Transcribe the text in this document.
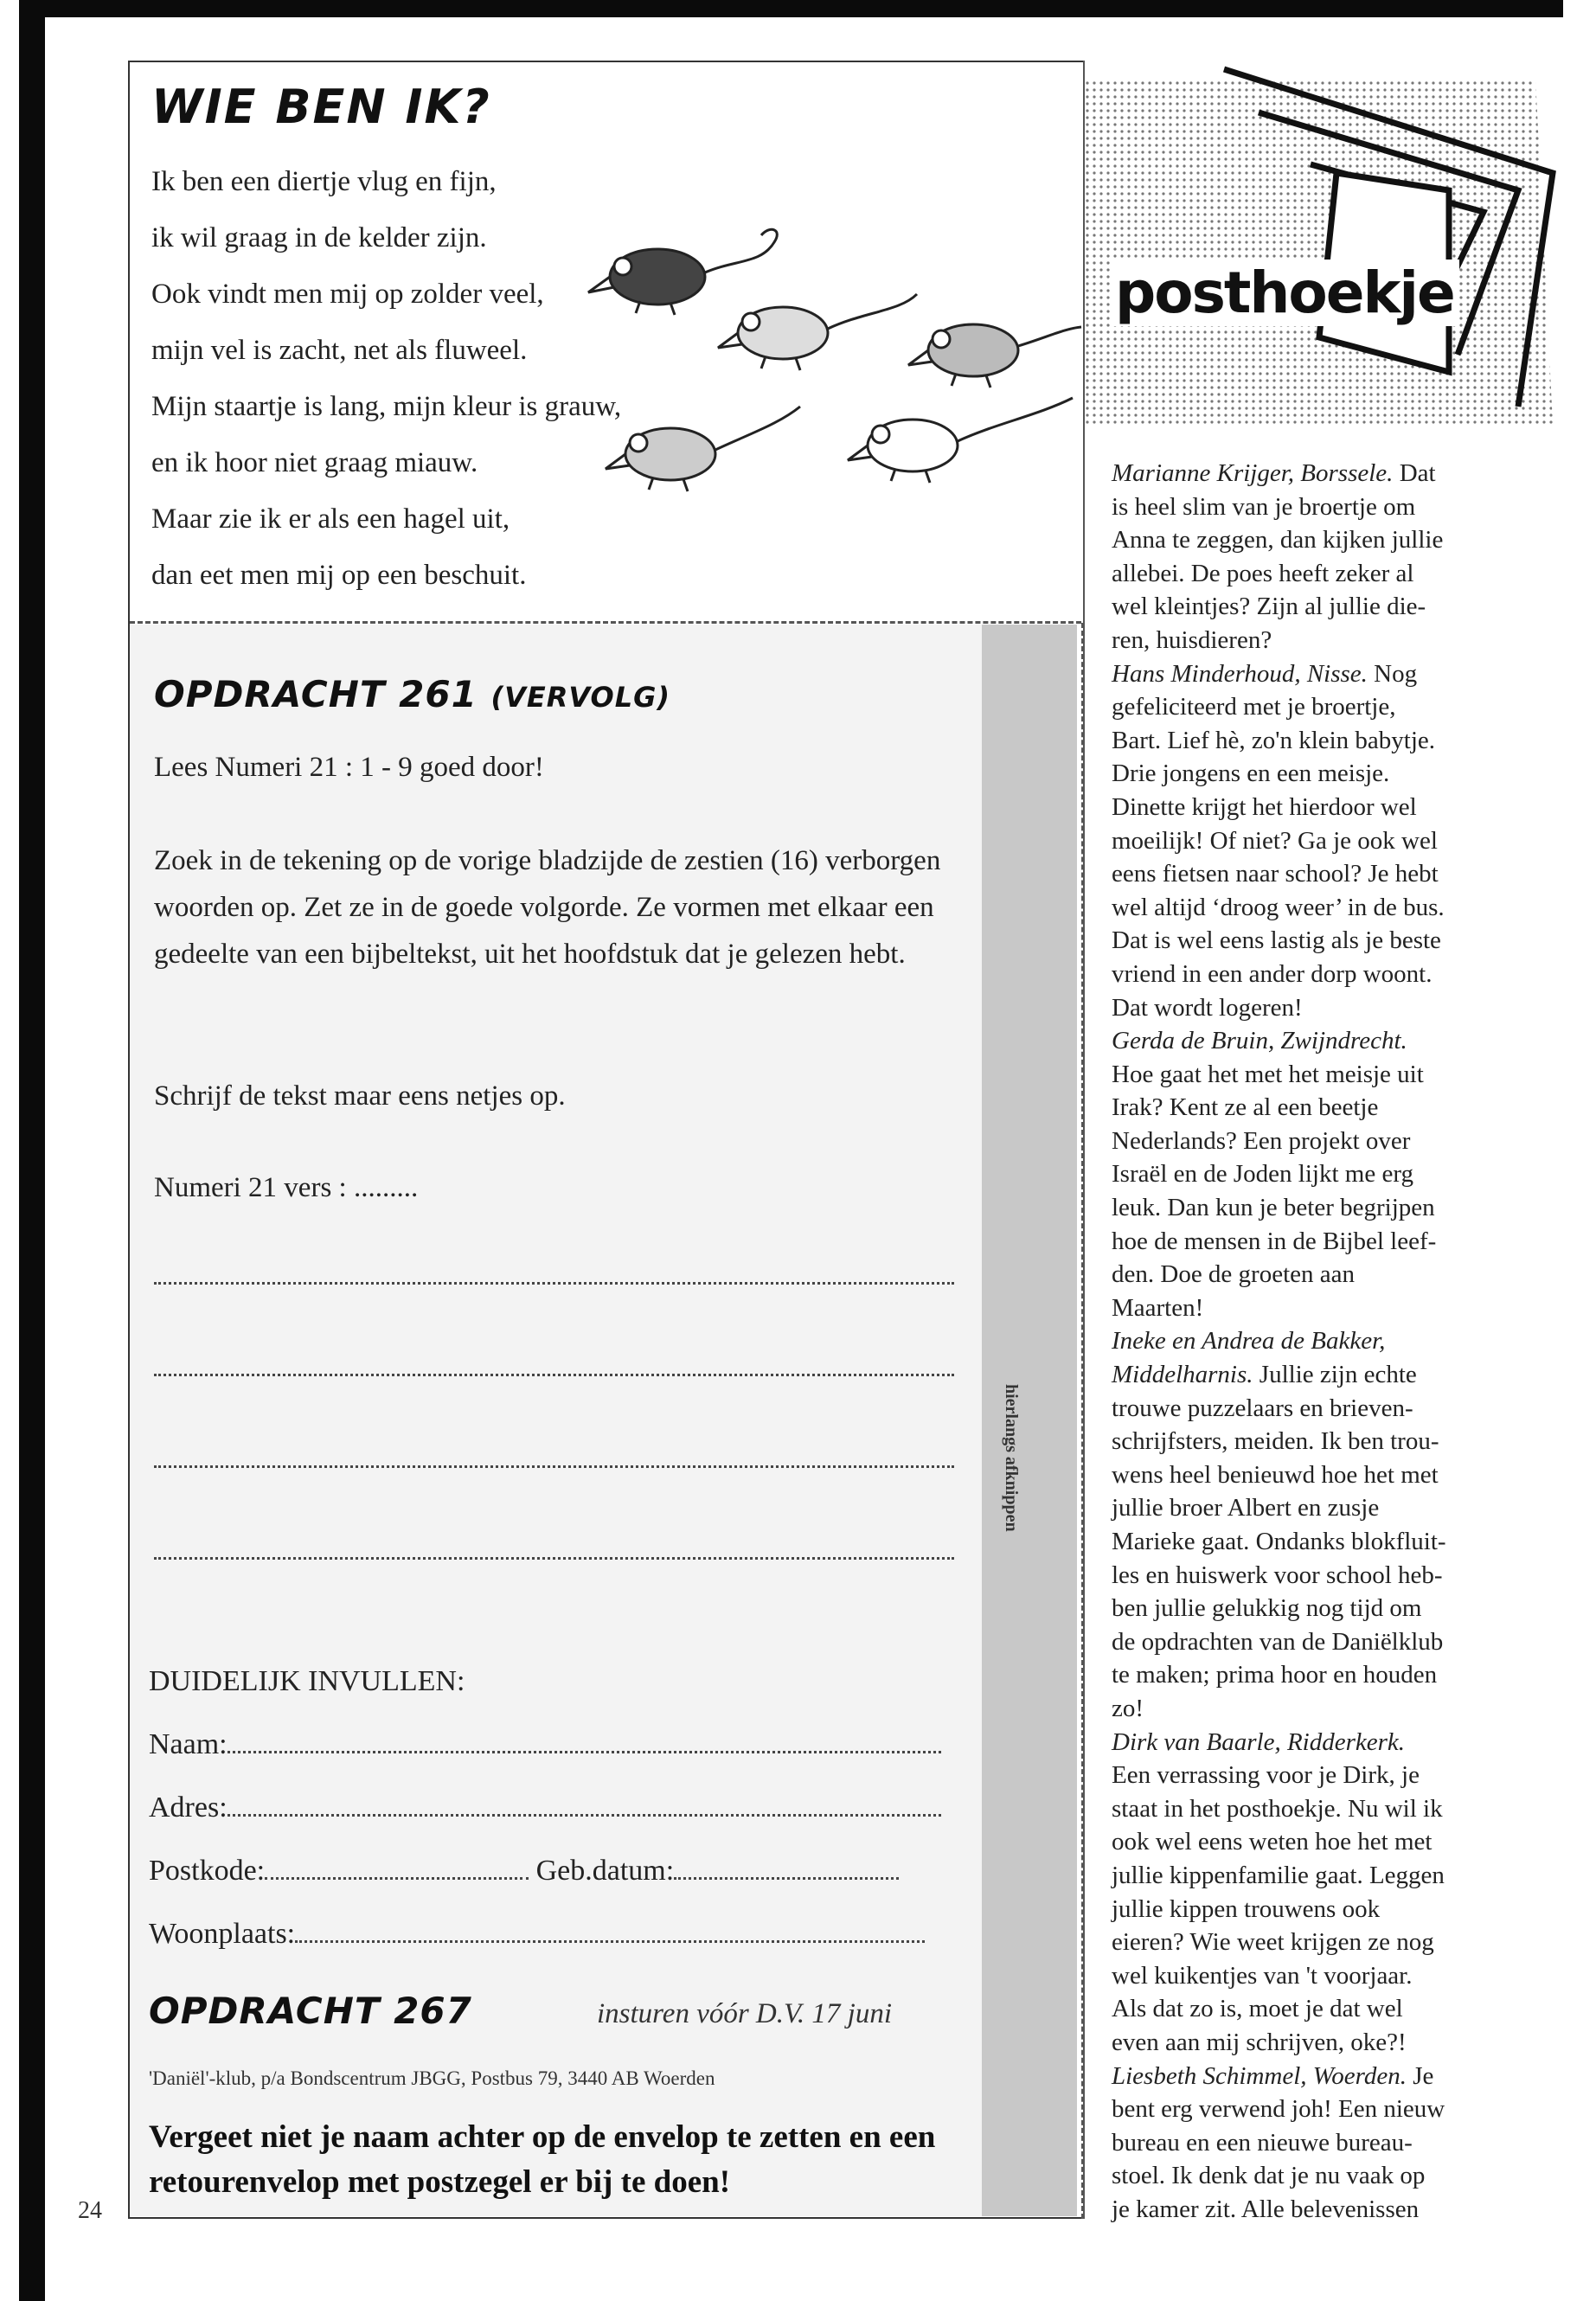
WIE BEN IK?
Ik ben een diertje vlug en fijn,
ik wil graag in de kelder zijn.
Ook vindt men mij op zolder veel,
mijn vel is zacht, net als fluweel.
Mijn staartje is lang, mijn kleur is grauw,
en ik hoor niet graag miauw.
Maar zie ik er als een hagel uit,
dan eet men mij op een beschuit.
hierlangs afknippen
OPDRACHT 261 (VERVOLG)
Lees Numeri 21 : 1 - 9 goed door!
Zoek in de tekening op de vorige bladzijde de zestien (16) verborgen woorden op. Zet ze in de goede volgorde. Ze vormen met elkaar een gedeelte van een bijbeltekst, uit het hoofdstuk dat je gelezen hebt.
Schrijf de tekst maar eens netjes op.
Numeri 21 vers : .........
DUIDELIJK INVULLEN:
Naam:
Adres:
Postkode:	Geb.datum:
Woonplaats:
OPDRACHT 267	insturen vóór D.V. 17 juni
'Daniël'-klub, p/a Bondscentrum JBGG, Postbus 79, 3440 AB Woerden
Vergeet niet je naam achter op de envelop te zetten en een retourenvelop met postzegel er bij te doen!
24
posthoekje
Marianne Krijger, Borssele. Dat
is heel slim van je broertje om
Anna te zeggen, dan kijken jullie
allebei. De poes heeft zeker al
wel kleintjes? Zijn al jullie die-
ren, huisdieren?
Hans Minderhoud, Nisse. Nog
gefeliciteerd met je broertje,
Bart. Lief hè, zo'n klein babytje.
Drie jongens en een meisje.
Dinette krijgt het hierdoor wel
moeilijk! Of niet? Ga je ook wel
eens fietsen naar school? Je hebt
wel altijd ‘droog weer’ in de bus.
Dat is wel eens lastig als je beste
vriend in een ander dorp woont.
Dat wordt logeren!
Gerda de Bruin, Zwijndrecht.
Hoe gaat het met het meisje uit
Irak? Kent ze al een beetje
Nederlands? Een projekt over
Israël en de Joden lijkt me erg
leuk. Dan kun je beter begrijpen
hoe de mensen in de Bijbel leef-
den. Doe de groeten aan
Maarten!
Ineke en Andrea de Bakker,
Middelharnis. Jullie zijn echte
trouwe puzzelaars en brieven-
schrijfsters, meiden. Ik ben trou-
wens heel benieuwd hoe het met
jullie broer Albert en zusje
Marieke gaat. Ondanks blokfluit-
les en huiswerk voor school heb-
ben jullie gelukkig nog tijd om
de opdrachten van de Daniëlklub
te maken; prima hoor en houden
zo!
Dirk van Baarle, Ridderkerk.
Een verrassing voor je Dirk, je
staat in het posthoekje. Nu wil ik
ook wel eens weten hoe het met
jullie kippenfamilie gaat. Leggen
jullie kippen trouwens ook
eieren? Wie weet krijgen ze nog
wel kuikentjes van 't voorjaar.
Als dat zo is, moet je dat wel
even aan mij schrijven, oke?!
Liesbeth Schimmel, Woerden. Je
bent erg verwend joh! Een nieuw
bureau en een nieuwe bureau-
stoel. Ik denk dat je nu vaak op
je kamer zit. Alle belevenissen
